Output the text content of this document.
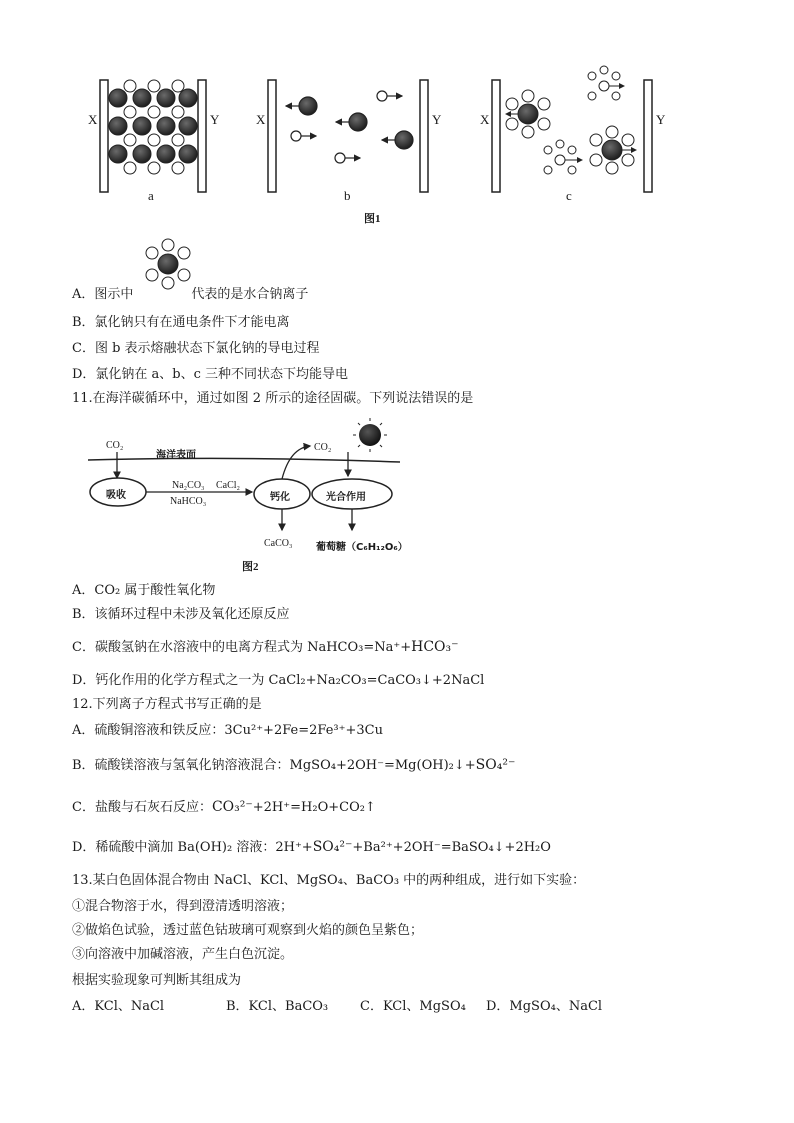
X	Y	X	Y	X	Y
a	b	c
图1
A．图示中	代表的是水合钠离子
B．氯化钠只有在通电条件下才能电离
C．图 b 表示熔融状态下氯化钠的导电过程
D．氯化钠在 a、b、c 三种不同状态下均能导电
11.在海洋碳循环中，通过如图 2 所示的途径固碳。下列说法错误的是
CO₂
海洋表面
吸收
Na₂CO₃
NaHCO₃
CaCl₂
钙化	光合作用
CO₂
CaCO₃ 葡萄糖（C₆H₁₂O₆）
图2
A．CO₂ 属于酸性氧化物
B．该循环过程中未涉及氧化还原反应
C．碳酸氢钠在水溶液中的电离方程式为 NaHCO₃=Na⁺+HCO₃⁻
D．钙化作用的化学方程式之一为 CaCl₂+Na₂CO₃=CaCO₃↓+2NaCl
12.下列离子方程式书写正确的是
A．硫酸铜溶液和铁反应：3Cu²⁺+2Fe=2Fe³⁺+3Cu
B．硫酸镁溶液与氢氧化钠溶液混合：MgSO₄+2OH⁻=Mg(OH)₂↓+SO₄²⁻
C．盐酸与石灰石反应：CO₃²⁻+2H⁺=H₂O+CO₂↑
D．稀硫酸中滴加 Ba(OH)₂ 溶液：2H⁺+SO₄²⁻+Ba²⁺+2OH⁻=BaSO₄↓+2H₂O
13.某白色固体混合物由 NaCl、KCl、MgSO₄、BaCO₃ 中的两种组成，进行如下实验：
①混合物溶于水，得到澄清透明溶液；
②做焰色试验，透过蓝色钴玻璃可观察到火焰的颜色呈紫色；
③向溶液中加碱溶液，产生白色沉淀。
根据实验现象可判断其组成为
A．KCl、NaCl	B．KCl、BaCO₃ C．KCl、MgSO₄ D．MgSO₄、NaCl
